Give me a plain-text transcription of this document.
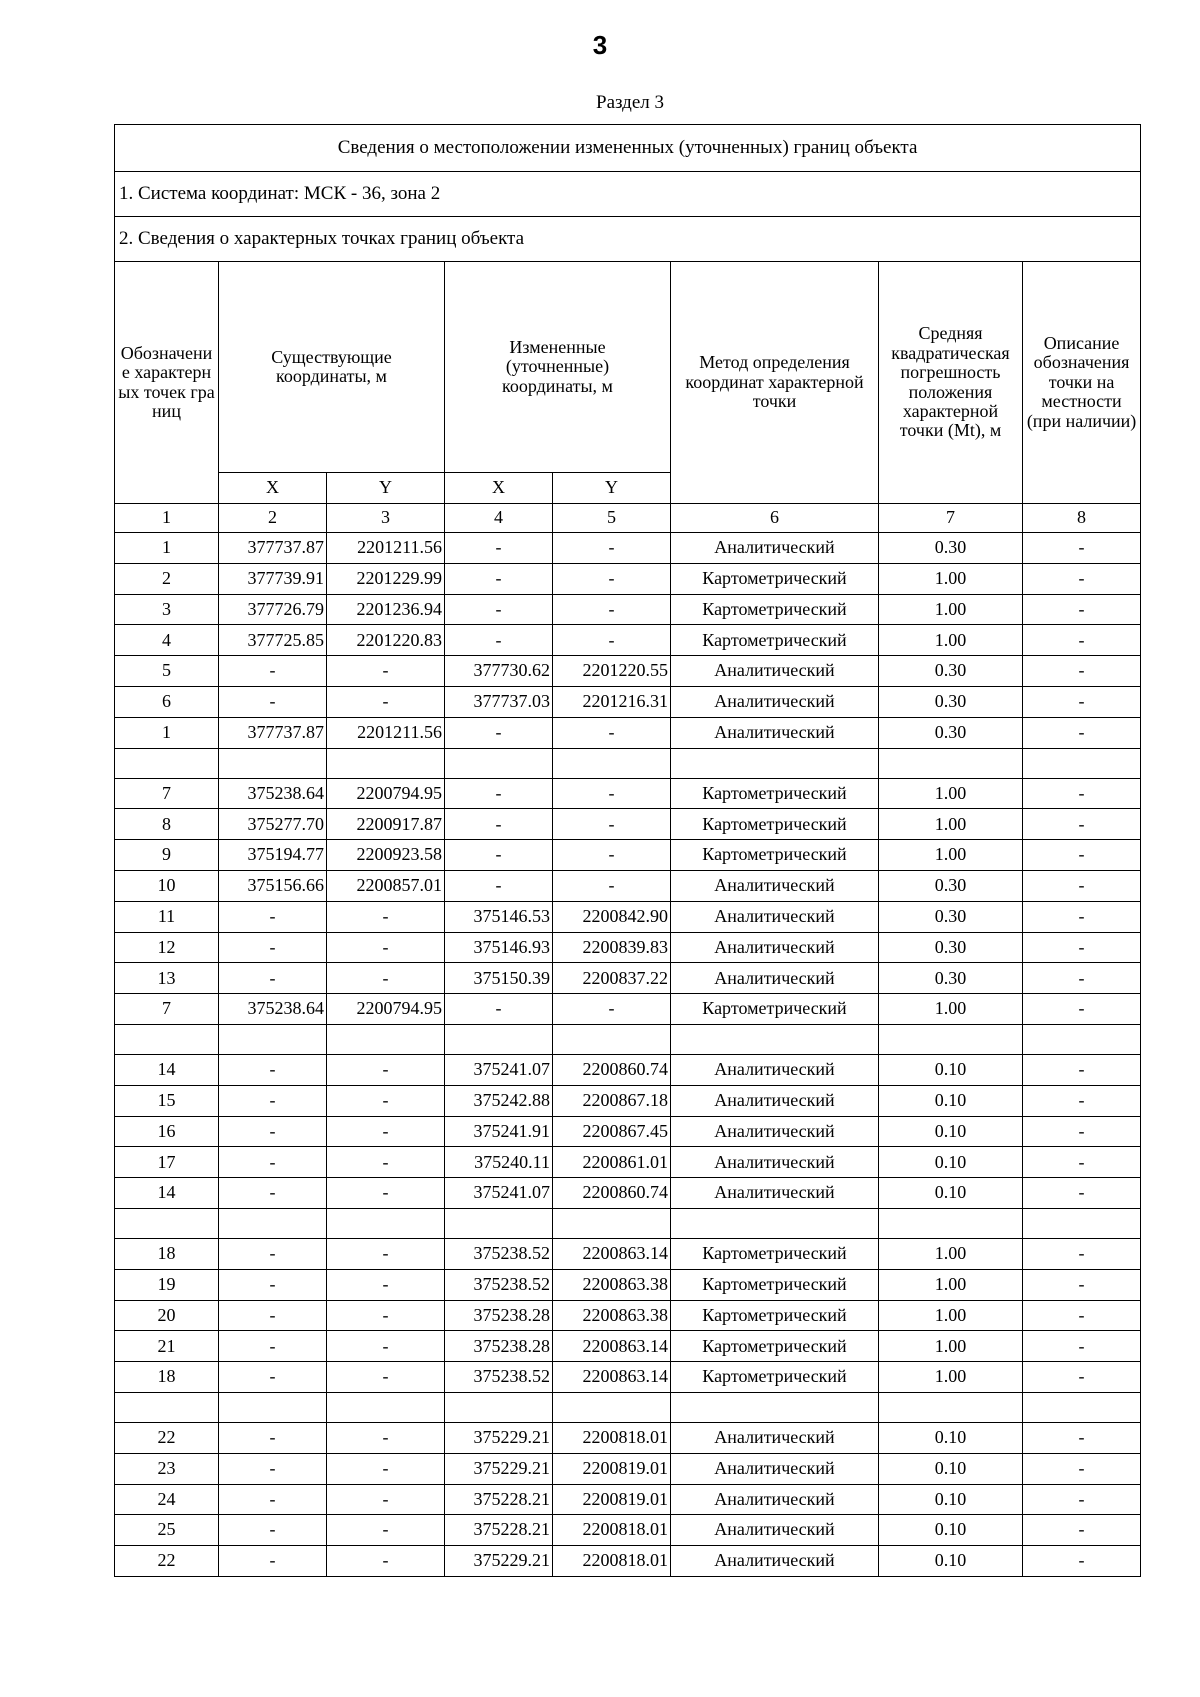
3
Раздел 3
Сведения о местоположении измененных (уточненных) границ объекта							
1. Система координат: МСК - 36, зона 2							
2. Сведения о характерных точках границ объекта							
Обозначение характерных точек границ	Существующие координаты, м		Измененные (уточненные) координаты, м		Метод определения координат характерной точки	Средняя квадратическая погрешность положения характерной точки (Mt), м	Описание обозначения точки на местности (при наличии)
	X	Y	X	Y			
1	2	3	4	5	6	7	8
1	377737.87	2201211.56	-	-	Аналитический	0.30	-
2	377739.91	2201229.99	-	-	Картометрический	1.00	-
3	377726.79	2201236.94	-	-	Картометрический	1.00	-
4	377725.85	2201220.83	-	-	Картометрический	1.00	-
5	-	-	377730.62	2201220.55	Аналитический	0.30	-
6	-	-	377737.03	2201216.31	Аналитический	0.30	-
1	377737.87	2201211.56	-	-	Аналитический	0.30	-

7	375238.64	2200794.95	-	-	Картометрический	1.00	-
8	375277.70	2200917.87	-	-	Картометрический	1.00	-
9	375194.77	2200923.58	-	-	Картометрический	1.00	-
10	375156.66	2200857.01	-	-	Аналитический	0.30	-
11	-	-	375146.53	2200842.90	Аналитический	0.30	-
12	-	-	375146.93	2200839.83	Аналитический	0.30	-
13	-	-	375150.39	2200837.22	Аналитический	0.30	-
7	375238.64	2200794.95	-	-	Картометрический	1.00	-

14	-	-	375241.07	2200860.74	Аналитический	0.10	-
15	-	-	375242.88	2200867.18	Аналитический	0.10	-
16	-	-	375241.91	2200867.45	Аналитический	0.10	-
17	-	-	375240.11	2200861.01	Аналитический	0.10	-
14	-	-	375241.07	2200860.74	Аналитический	0.10	-

18	-	-	375238.52	2200863.14	Картометрический	1.00	-
19	-	-	375238.52	2200863.38	Картометрический	1.00	-
20	-	-	375238.28	2200863.38	Картометрический	1.00	-
21	-	-	375238.28	2200863.14	Картометрический	1.00	-
18	-	-	375238.52	2200863.14	Картометрический	1.00	-

22	-	-	375229.21	2200818.01	Аналитический	0.10	-
23	-	-	375229.21	2200819.01	Аналитический	0.10	-
24	-	-	375228.21	2200819.01	Аналитический	0.10	-
25	-	-	375228.21	2200818.01	Аналитический	0.10	-
22	-	-	375229.21	2200818.01	Аналитический	0.10	-
